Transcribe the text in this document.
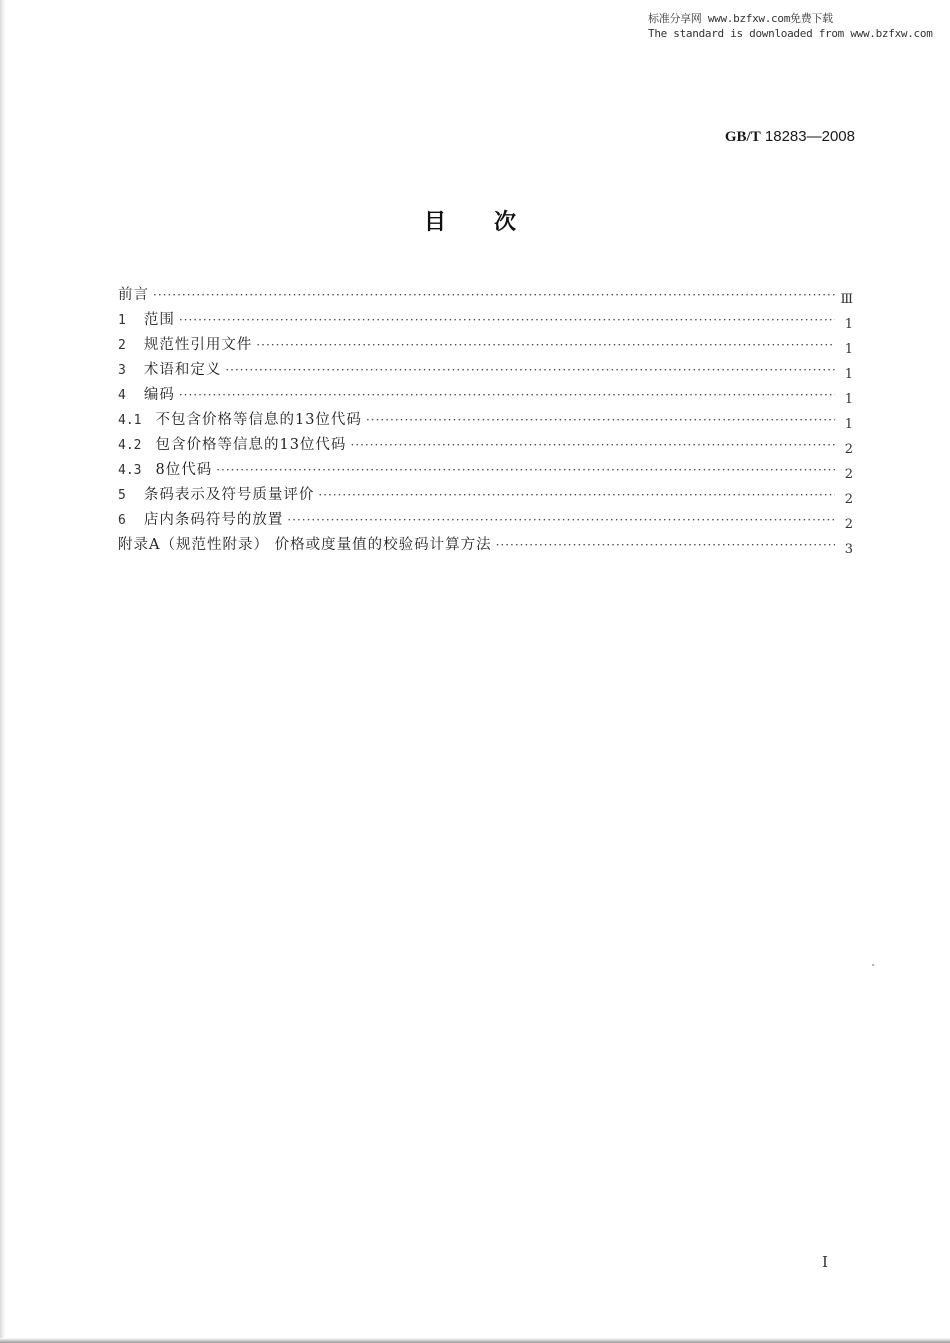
标准分享网 www.bzfxw.com免费下载
The standard is downloaded from www.bzfxw.com
GB/T 18283—2008
目次
前言 ·····	Ⅲ
1 范围 ·····	1
2 规范性引用文件 ·····	1
3 术语和定义 ·····	1
4 编码 ·····	1
4.1 不包含价格等信息的13位代码 ·····	1
4.2 包含价格等信息的13位代码 ·····	2
4.3 8位代码 ·····	2
5 条码表示及符号质量评价 ·····	2
6 店内条码符号的放置 ·····	2
附录A（规范性附录） 价格或度量值的校验码计算方法 ·····	3
I
